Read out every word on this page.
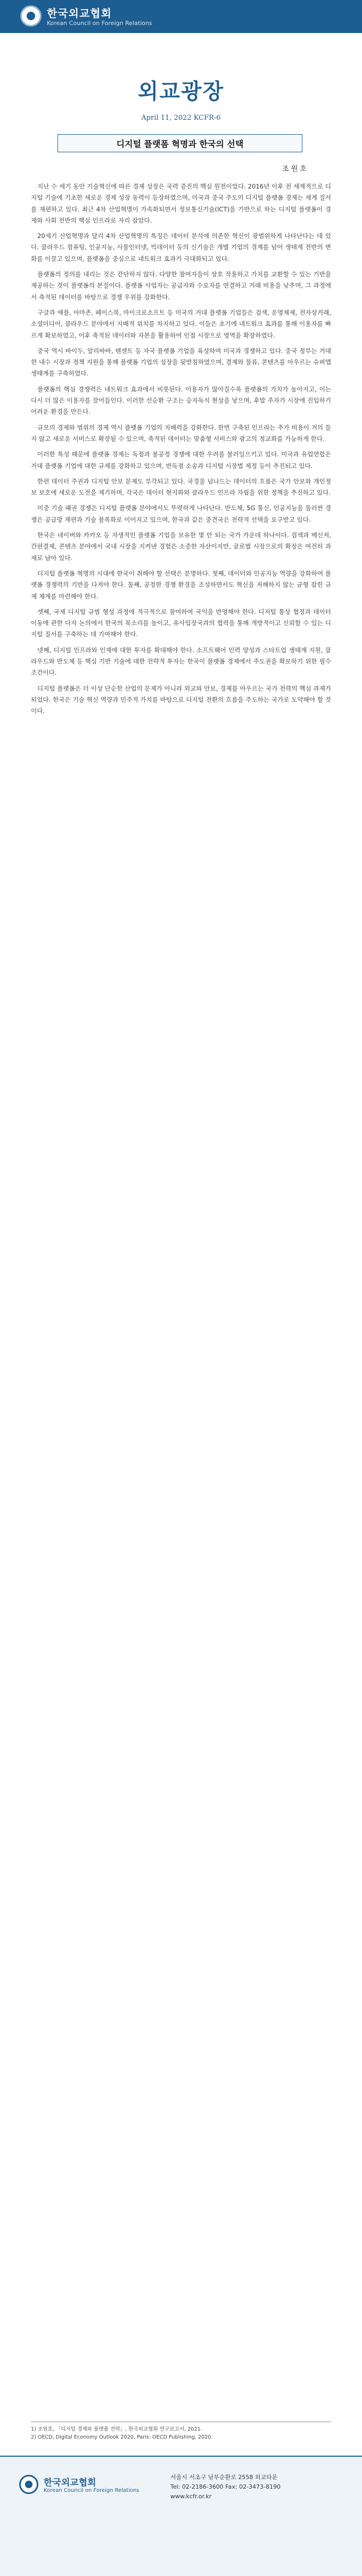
한국외교협회
Korean Council on Foreign Relations
외교광장
April 11, 2022 KCFR-6
디지털 플랫폼 혁명과 한국의 선택
조 원 호

지난 수 세기 동안 기술혁신에 따른 경제 성장은 국력 증진의 핵심 원천이었다. 2016년 이후 전 세계적으로 디지털 기술에 기초한 새로운 경제 성장 동력이 등장하였으며, 미국과 중국 주도의 디지털 플랫폼 경제는 세계 질서를 재편하고 있다. 최근 4차 산업혁명이 가속화되면서 정보통신기술(ICT)을 기반으로 하는 디지털 플랫폼이 경제와 사회 전반의 핵심 인프라로 자리 잡았다.

20세기 산업혁명과 달리 4차 산업혁명의 특징은 데이터 분석에 의존한 혁신이 광범위하게 나타난다는 데 있다. 클라우드 컴퓨팅, 인공지능, 사물인터넷, 빅데이터 등의 신기술은 개별 기업의 경계를 넘어 생태계 전반의 변화를 이끌고 있으며, 플랫폼을 중심으로 네트워크 효과가 극대화되고 있다.

플랫폼의 정의를 내리는 것은 간단하지 않다. 다양한 참여자들이 상호 작용하고 가치를 교환할 수 있는 기반을 제공하는 것이 플랫폼의 본질이다. 플랫폼 사업자는 공급자와 수요자를 연결하고 거래 비용을 낮추며, 그 과정에서 축적된 데이터를 바탕으로 경쟁 우위를 강화한다.

구글과 애플, 아마존, 페이스북, 마이크로소프트 등 미국의 거대 플랫폼 기업들은 검색, 운영체제, 전자상거래, 소셜미디어, 클라우드 분야에서 지배적 위치를 차지하고 있다. 이들은 초기에 네트워크 효과를 통해 이용자를 빠르게 확보하였고, 이후 축적된 데이터와 자본을 활용하여 인접 시장으로 영역을 확장하였다.

중국 역시 바이두, 알리바바, 텐센트 등 자국 플랫폼 기업을 육성하며 미국과 경쟁하고 있다. 중국 정부는 거대한 내수 시장과 정책 지원을 통해 플랫폼 기업의 성장을 뒷받침하였으며, 결제와 물류, 콘텐츠를 아우르는 슈퍼앱 생태계를 구축하였다.

플랫폼의 핵심 경쟁력은 네트워크 효과에서 비롯된다. 이용자가 많아질수록 플랫폼의 가치가 높아지고, 이는 다시 더 많은 이용자를 끌어들인다. 이러한 선순환 구조는 승자독식 현상을 낳으며, 후발 주자가 시장에 진입하기 어려운 환경을 만든다.

규모의 경제와 범위의 경제 역시 플랫폼 기업의 지배력을 강화한다. 한번 구축된 인프라는 추가 비용이 거의 들지 않고 새로운 서비스로 확장될 수 있으며, 축적된 데이터는 맞춤형 서비스와 광고의 정교화를 가능하게 한다.

이러한 특성 때문에 플랫폼 경제는 독점과 불공정 경쟁에 대한 우려를 불러일으키고 있다. 미국과 유럽연합은 거대 플랫폼 기업에 대한 규제를 강화하고 있으며, 반독점 소송과 디지털 시장법 제정 등이 추진되고 있다.

한편 데이터 주권과 디지털 안보 문제도 부각되고 있다. 국경을 넘나드는 데이터의 흐름은 국가 안보와 개인정보 보호에 새로운 도전을 제기하며, 각국은 데이터 현지화와 클라우드 인프라 자립을 위한 정책을 추진하고 있다.

미중 기술 패권 경쟁은 디지털 플랫폼 분야에서도 뚜렷하게 나타난다. 반도체, 5G 통신, 인공지능을 둘러싼 경쟁은 공급망 재편과 기술 블록화로 이어지고 있으며, 한국과 같은 중견국은 전략적 선택을 요구받고 있다.

한국은 네이버와 카카오 등 자생적인 플랫폼 기업을 보유한 몇 안 되는 국가 가운데 하나이다. 검색과 메신저, 간편결제, 콘텐츠 분야에서 국내 시장을 지켜낸 경험은 소중한 자산이지만, 글로벌 시장으로의 확장은 여전히 과제로 남아 있다.

디지털 플랫폼 혁명의 시대에 한국이 취해야 할 선택은 분명하다. 첫째, 데이터와 인공지능 역량을 강화하여 플랫폼 경쟁력의 기반을 다져야 한다. 둘째, 공정한 경쟁 환경을 조성하면서도 혁신을 저해하지 않는 균형 잡힌 규제 체계를 마련해야 한다.

셋째, 국제 디지털 규범 형성 과정에 적극적으로 참여하여 국익을 반영해야 한다. 디지털 통상 협정과 데이터 이동에 관한 다자 논의에서 한국의 목소리를 높이고, 유사입장국과의 협력을 통해 개방적이고 신뢰할 수 있는 디지털 질서를 구축하는 데 기여해야 한다.

넷째, 디지털 인프라와 인재에 대한 투자를 확대해야 한다. 소프트웨어 인력 양성과 스타트업 생태계 지원, 클라우드와 반도체 등 핵심 기반 기술에 대한 전략적 투자는 한국이 플랫폼 경제에서 주도권을 확보하기 위한 필수 조건이다.

디지털 플랫폼은 더 이상 단순한 산업의 문제가 아니라 외교와 안보, 경제를 아우르는 국가 전략의 핵심 과제가 되었다. 한국은 기술 혁신 역량과 민주적 가치를 바탕으로 디지털 전환의 흐름을 주도하는 국가로 도약해야 할 것이다.

1) 조원호, 「디지털 경제와 플랫폼 전략」, 한국외교협회 연구보고서, 2021.
2) OECD, Digital Economy Outlook 2020, Paris: OECD Publishing, 2020.
한국외교협회
Korean Council on Foreign Relations
서울시 서초구 남부순환로 2558 외교타운
Tel: 02-2186-3600 Fax: 02-3473-8190
www.kcfr.or.kr
